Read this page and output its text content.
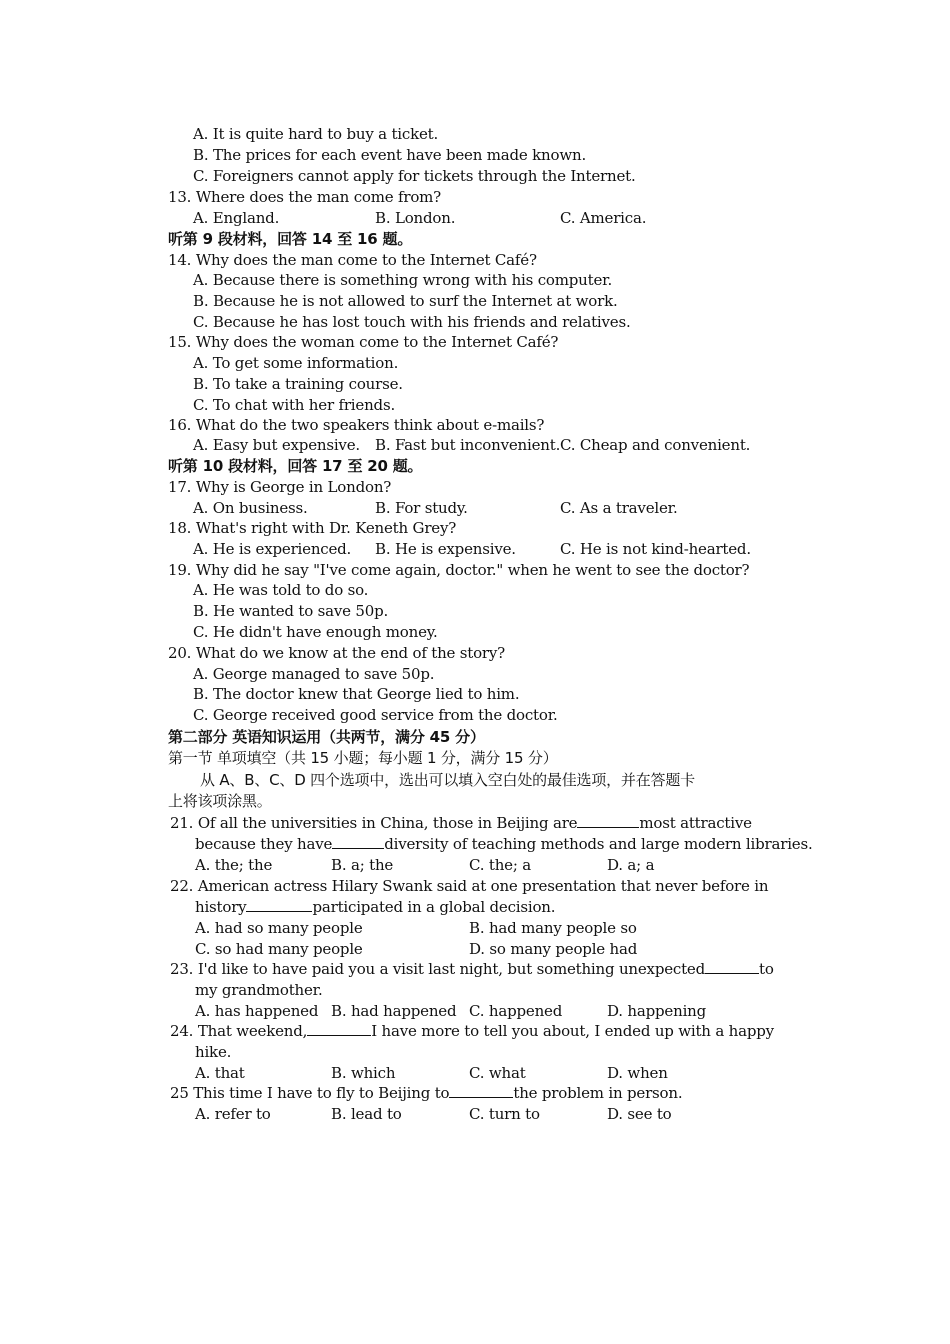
A. It is quite hard to buy a ticket.
B. The prices for each event have been made known.
C. Foreigners cannot apply for tickets through the Internet.
13. Where does the man come from?
A. England.	B. London.	C. America.
听第 9 段材料，回答 14 至 16 题。
14. Why does the man come to the Internet Café?
A. Because there is something wrong with his computer.
B. Because he is not allowed to surf the Internet at work.
C. Because he has lost touch with his friends and relatives.
15. Why does the woman come to the Internet Café?
A. To get some information.
B. To take a training course.
C. To chat with her friends.
16. What do the two speakers think about e-mails?
A. Easy but expensive. B. Fast but inconvenient. C. Cheap and convenient.
听第 10 段材料，回答 17 至 20 题。
17. Why is George in London?
A. On business.	B. For study.	C. As a traveler.
18. What's right with Dr. Keneth Grey?
A. He is experienced. B. He is expensive.	C. He is not kind-hearted.
19. Why did he say "I've come again, doctor." when he went to see the doctor?
A. He was told to do so.
B. He wanted to save 50p.
C. He didn't have enough money.
20. What do we know at the end of the story?
A. George managed to save 50p.
B. The doctor knew that George lied to him.
C. George received good service from the doctor.
第二部分 英语知识运用（共两节，满分 45 分）
第一节 单项填空（共 15 小题；每小题 1 分，满分 15 分）
从 A、B、C、D 四个选项中，选出可以填入空白处的最佳选项，并在答题卡
上将该项涂黑。
21. Of all the universities in China, those in Beijing are	most attractive
because they have	diversity of teaching methods and large modern libraries.
A. the; the	B. a; the	C. the; a	D. a; a
22. American actress Hilary Swank said at one presentation that never before in
history	participated in a global decision.
A. had so many people	B. had many people so
C. so had many people	D. so many people had
23. I'd like to have paid you a visit last night, but something unexpected	to
my grandmother.
A. has happened B. had happened C. happened	D. happening
24. That weekend,	I have more to tell you about, I ended up with a happy
hike.
A. that	B. which	C. what	D. when
25 This time I have to fly to Beijing to	the problem in person.
A. refer to	B. lead to	C. turn to	D. see to
